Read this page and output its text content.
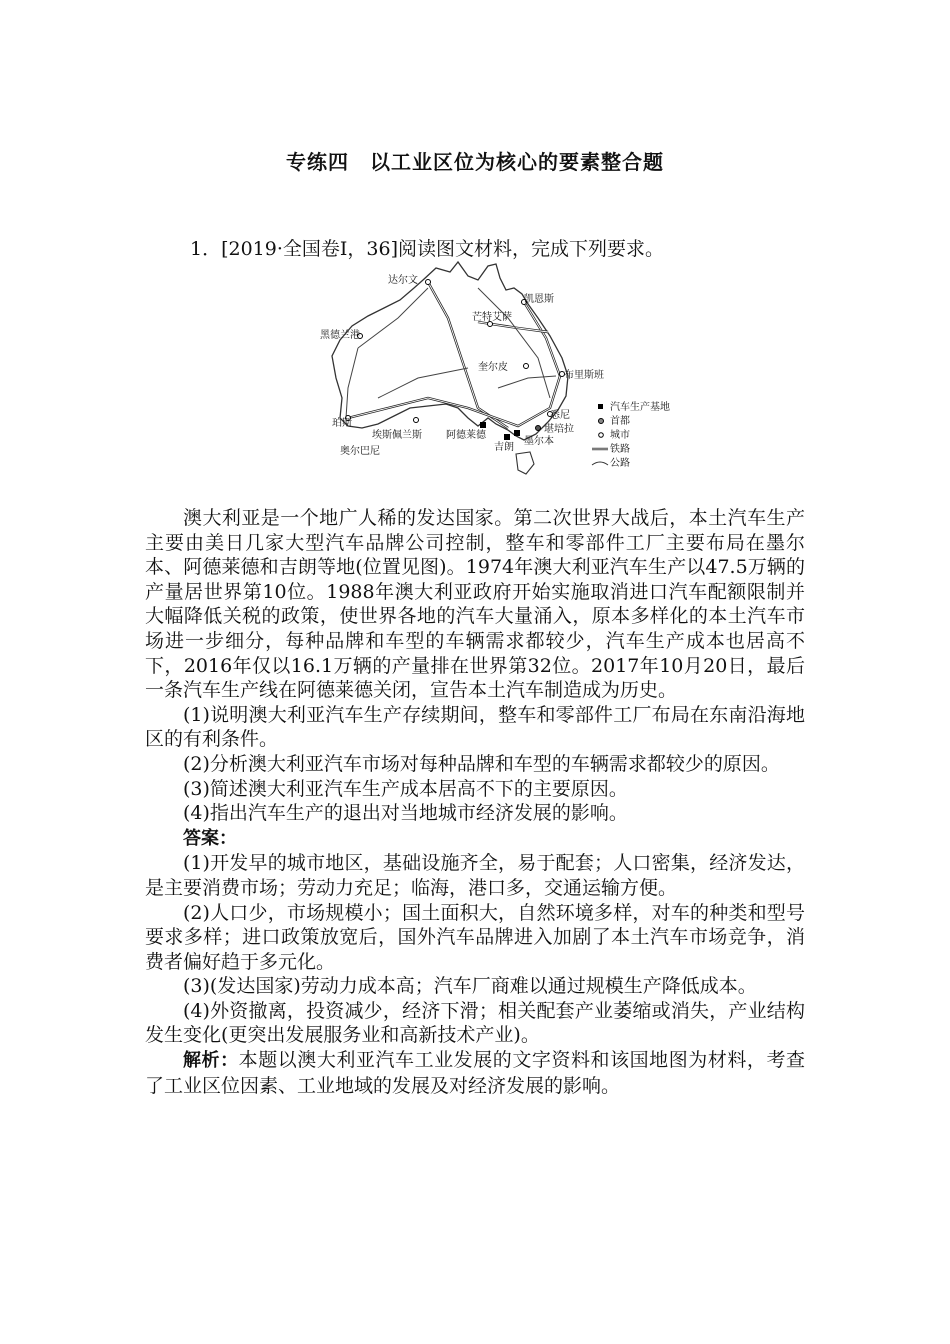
专练四　以工业区位为核心的要素整合题
1．[2019·全国卷Ⅰ，36]阅读图文材料，完成下列要求。
达尔文
凯恩斯
黑德兰港
芒特艾萨
奎尔皮
布里斯班
珀斯
埃斯佩兰斯
奥尔巴尼
阿德莱德
吉朗
墨尔本
悉尼
堪培拉
汽车生产基地
首都
城市
铁路
公路

澳大利亚是一个地广人稀的发达国家。第二次世界大战后，本土汽车生产主要由美日几家大型汽车品牌公司控制，整车和零部件工厂主要布局在墨尔本、阿德莱德和吉朗等地(位置见图)。1974年澳大利亚汽车生产以47.5万辆的产量居世界第10位。1988年澳大利亚政府开始实施取消进口汽车配额限制并大幅降低关税的政策，使世界各地的汽车大量涌入，原本多样化的本土汽车市场进一步细分，每种品牌和车型的车辆需求都较少，汽车生产成本也居高不下，2016年仅以16.1万辆的产量排在世界第32位。2017年10月20日，最后一条汽车生产线在阿德莱德关闭，宣告本土汽车制造成为历史。

(1)说明澳大利亚汽车生产存续期间，整车和零部件工厂布局在东南沿海地区的有利条件。

(2)分析澳大利亚汽车市场对每种品牌和车型的车辆需求都较少的原因。

(3)简述澳大利亚汽车生产成本居高不下的主要原因。

(4)指出汽车生产的退出对当地城市经济发展的影响。

答案：

(1)开发早的城市地区，基础设施齐全，易于配套；人口密集，经济发达，是主要消费市场；劳动力充足；临海，港口多，交通运输方便。

(2)人口少，市场规模小；国土面积大，自然环境多样，对车的种类和型号要求多样；进口政策放宽后，国外汽车品牌进入加剧了本土汽车市场竞争，消费者偏好趋于多元化。

(3)(发达国家)劳动力成本高；汽车厂商难以通过规模生产降低成本。

(4)外资撤离，投资减少，经济下滑；相关配套产业萎缩或消失，产业结构发生变化(更突出发展服务业和高新技术产业)。

解析：本题以澳大利亚汽车工业发展的文字资料和该国地图为材料，考查了工业区位因素、工业地域的发展及对经济发展的影响。
